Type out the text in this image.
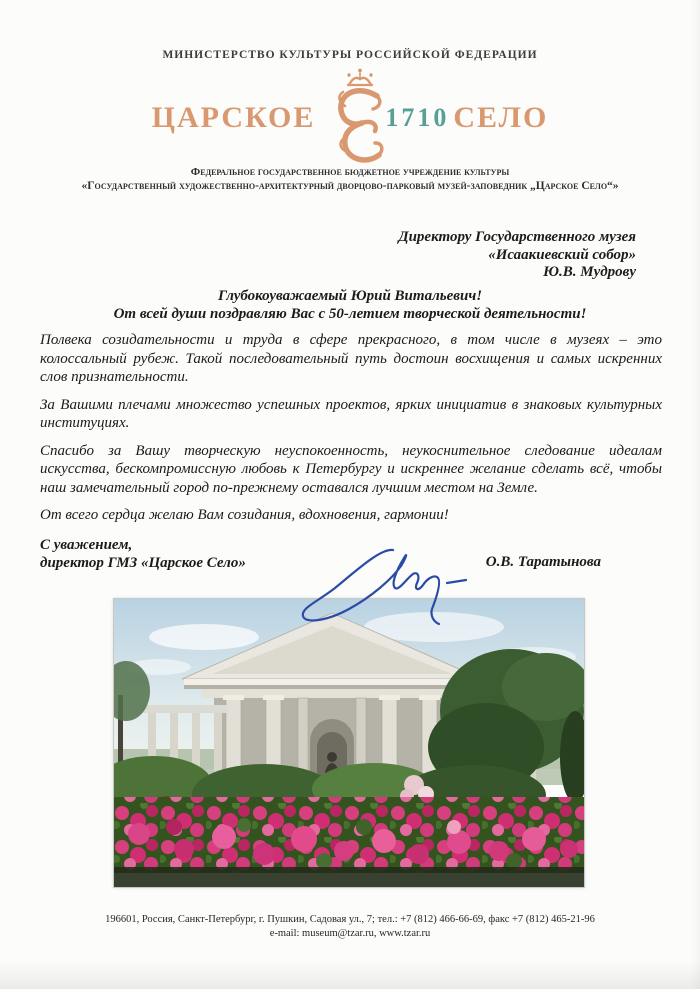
МИНИСТЕРСТВО КУЛЬТУРЫ РОССИЙСКОЙ ФЕДЕРАЦИИ
ЦАРСКОЕ	1710 СЕЛО
Федеральное государственное бюджетное учреждение культуры
«Государственный художественно-архитектурный дворцово-парковый музей-заповедник „Царское Село“»
Директору Государственного музея
«Исаакиевский собор»
Ю.В. Мудрову
Глубокоуважаемый Юрий Витальевич!
От всей души поздравляю Вас с 50-летием творческой деятельности!

Полвека созидательности и труда в сфере прекрасного, в том числе в музеях – это колоссальный рубеж. Такой последовательный путь достоин восхищения и самых искренних слов признательности.

За Вашими плечами множество успешных проектов, ярких инициатив в знаковых культурных институциях.

Спасибо за Вашу творческую неуспокоенность, неукоснительное следование идеалам искусства, бескомпромиссную любовь к Петербургу и искреннее желание сделать всё, чтобы наш замечательный город по-прежнему оставался лучшим местом на Земле.

От всего сердца желаю Вам созидания, вдохновения, гармонии!

С уважением,
директор ГМЗ «Царское Село»	О.В. Таратынова
196601, Россия, Санкт-Петербург, г. Пушкин, Садовая ул., 7; тел.: +7 (812) 466-66-69, факс +7 (812) 465-21-96
e-mail: museum@tzar.ru, www.tzar.ru
